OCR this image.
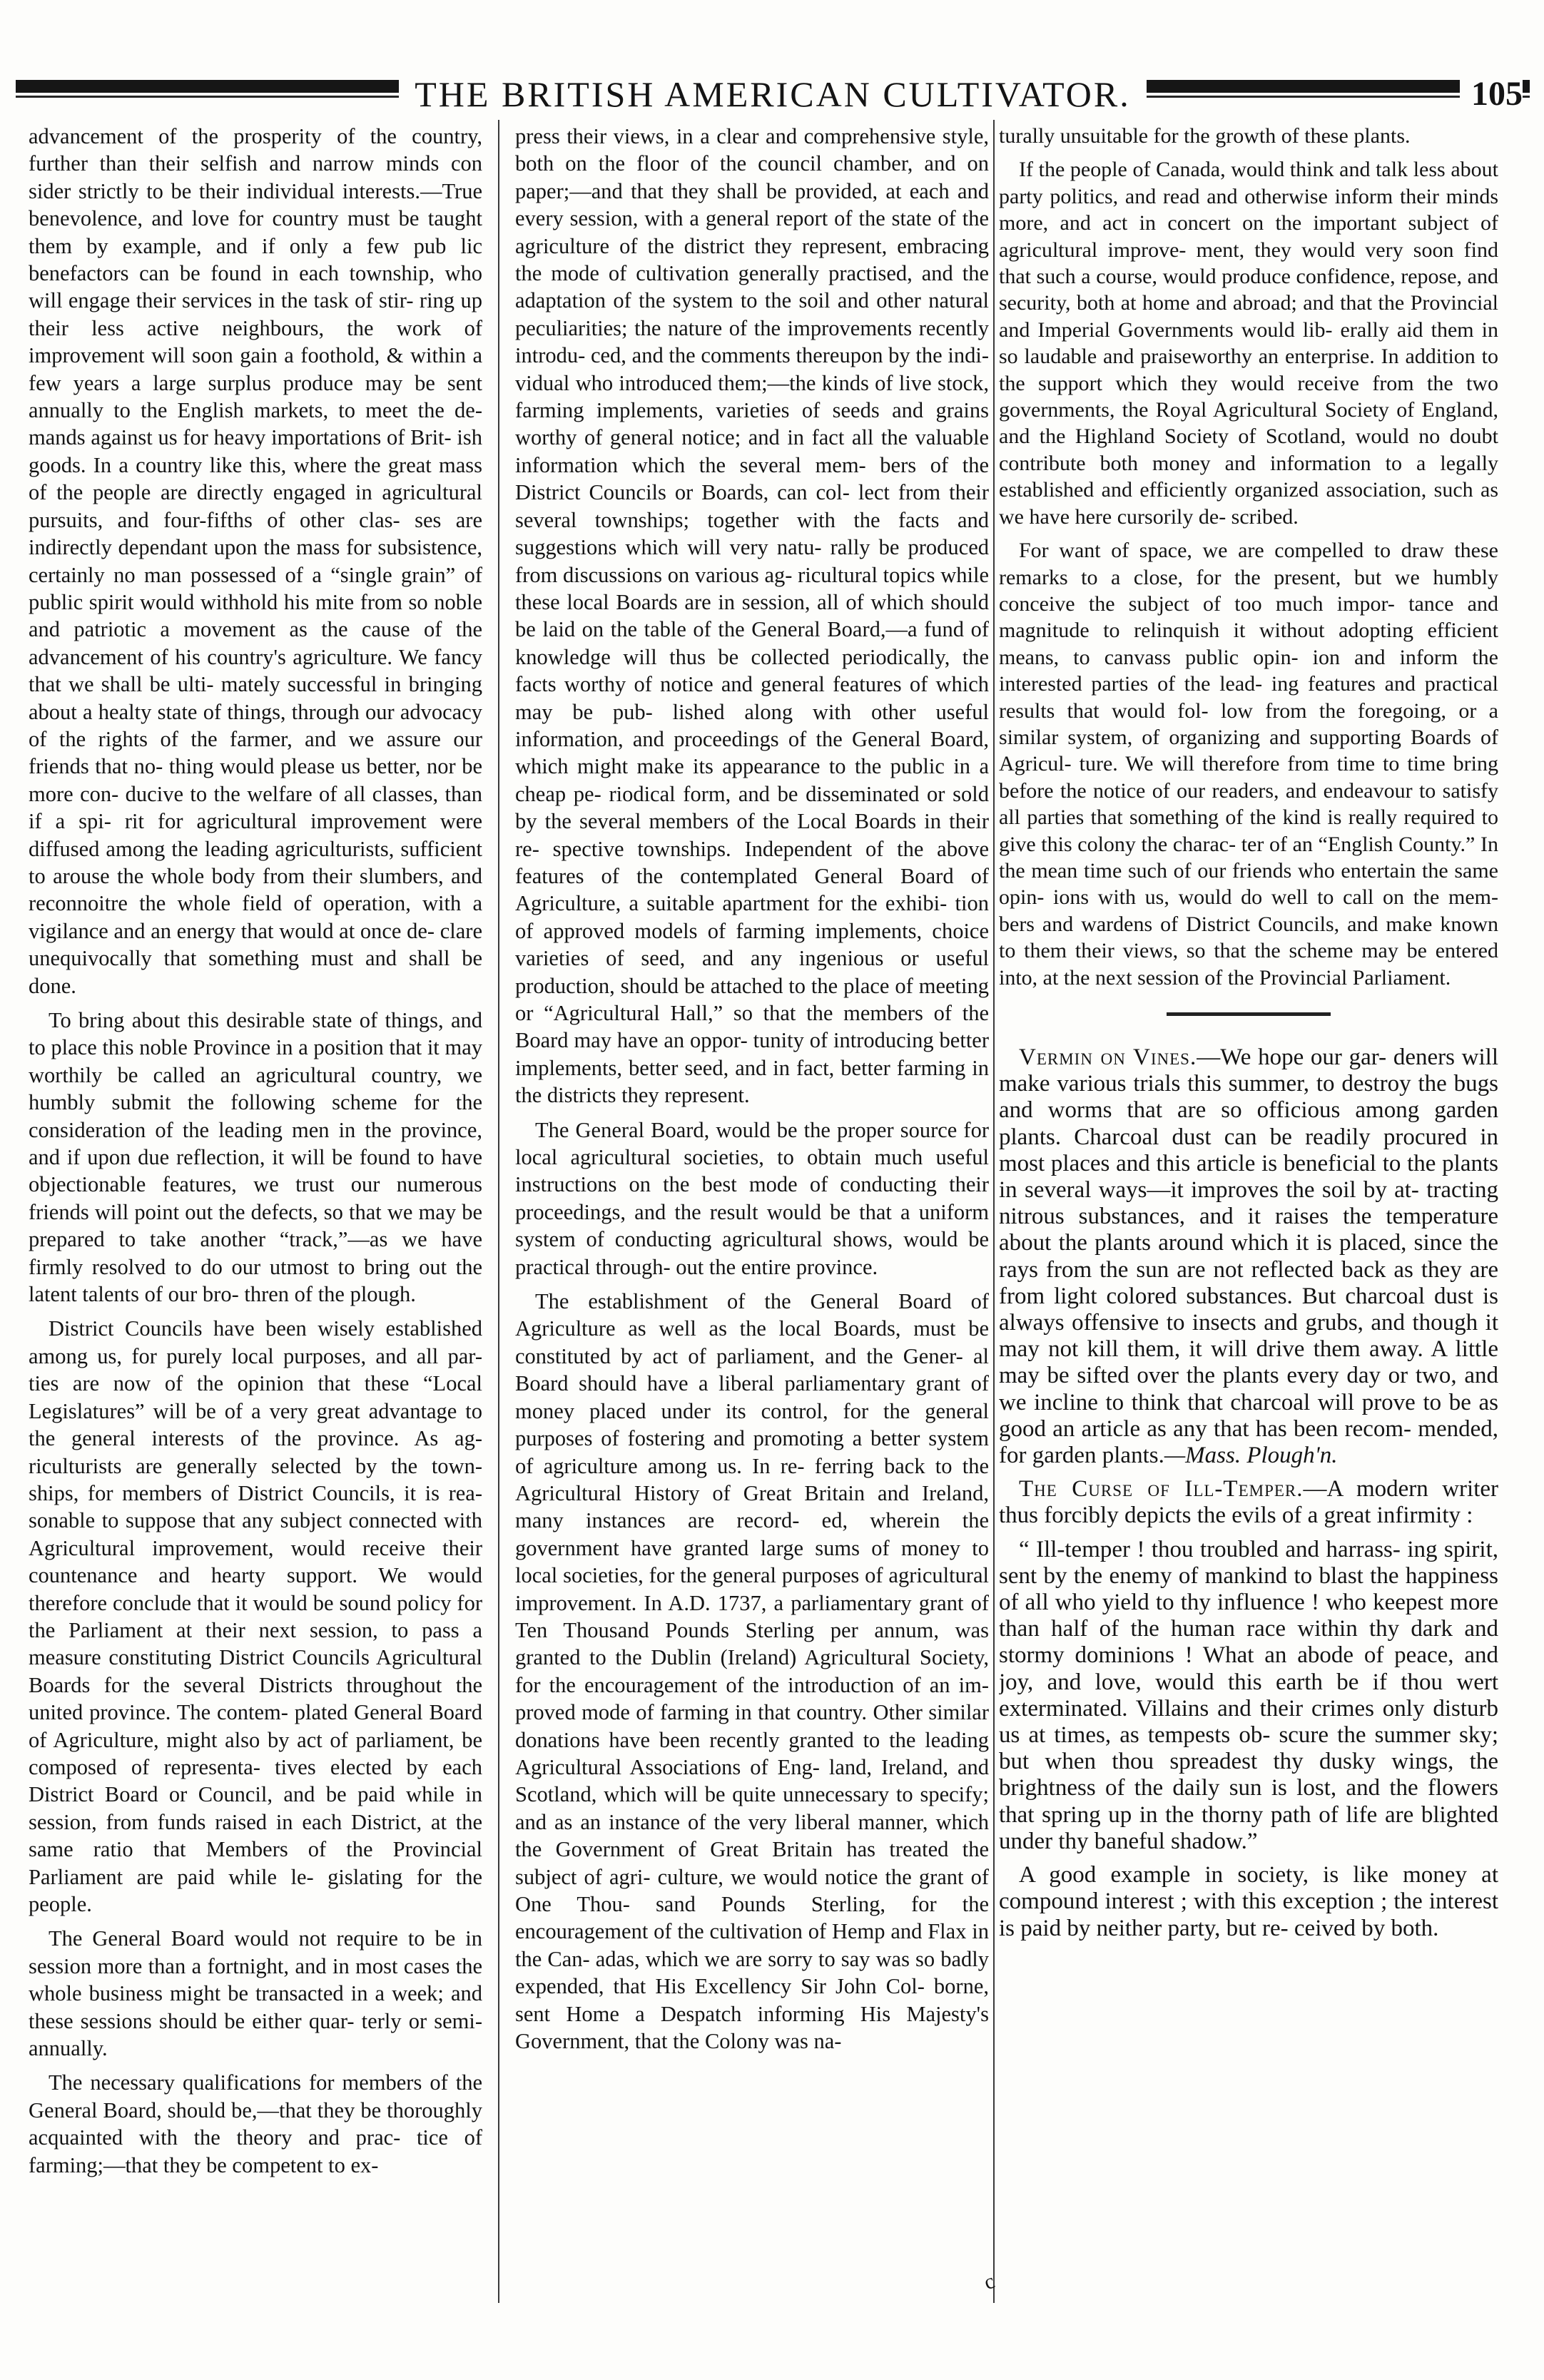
THE BRITISH AMERICAN CULTIVATOR.	105

advancement of the prosperity of the country, further than their selfish and narrow minds con sider strictly to be their individual interests.—True benevolence, and love for country must be taught them by example, and if only a few pub lic benefactors can be found in each township, who will engage their services in the task of stir- ring up their less active neighbours, the work of improvement will soon gain a foothold, & within a few years a large surplus produce may be sent annually to the English markets, to meet the de- mands against us for heavy importations of Brit- ish goods. In a country like this, where the great mass of the people are directly engaged in agricultural pursuits, and four-fifths of other clas- ses are indirectly dependant upon the mass for subsistence, certainly no man possessed of a “single grain” of public spirit would withhold his mite from so noble and patriotic a movement as the cause of the advancement of his country's agriculture. We fancy that we shall be ulti- mately successful in bringing about a healty state of things, through our advocacy of the rights of the farmer, and we assure our friends that no- thing would please us better, nor be more con- ducive to the welfare of all classes, than if a spi- rit for agricultural improvement were diffused among the leading agriculturists, sufficient to arouse the whole body from their slumbers, and reconnoitre the whole field of operation, with a vigilance and an energy that would at once de- clare unequivocally that something must and shall be done.

To bring about this desirable state of things, and to place this noble Province in a position that it may worthily be called an agricultural country, we humbly submit the following scheme for the consideration of the leading men in the province, and if upon due reflection, it will be found to have objectionable features, we trust our numerous friends will point out the defects, so that we may be prepared to take another “track,”—as we have firmly resolved to do our utmost to bring out the latent talents of our bro- thren of the plough.

District Councils have been wisely established among us, for purely local purposes, and all par- ties are now of the opinion that these “Local Legislatures” will be of a very great advantage to the general interests of the province. As ag- riculturists are generally selected by the town- ships, for members of District Councils, it is rea- sonable to suppose that any subject connected with Agricultural improvement, would receive their countenance and hearty support. We would therefore conclude that it would be sound policy for the Parliament at their next session, to pass a measure constituting District Councils Agricultural Boards for the several Districts throughout the united province. The contem- plated General Board of Agriculture, might also by act of parliament, be composed of representa- tives elected by each District Board or Council, and be paid while in session, from funds raised in each District, at the same ratio that Members of the Provincial Parliament are paid while le- gislating for the people.

The General Board would not require to be in session more than a fortnight, and in most cases the whole business might be transacted in a week; and these sessions should be either quar- terly or semi-annually.

The necessary qualifications for members of the General Board, should be,—that they be thoroughly acquainted with the theory and prac- tice of farming;—that they be competent to ex-

press their views, in a clear and comprehensive style, both on the floor of the council chamber, and on paper;—and that they shall be provided, at each and every session, with a general report of the state of the agriculture of the district they represent, embracing the mode of cultivation generally practised, and the adaptation of the system to the soil and other natural peculiarities; the nature of the improvements recently introdu- ced, and the comments thereupon by the indi- vidual who introduced them;—the kinds of live stock, farming implements, varieties of seeds and grains worthy of general notice; and in fact all the valuable information which the several mem- bers of the District Councils or Boards, can col- lect from their several townships; together with the facts and suggestions which will very natu- rally be produced from discussions on various ag- ricultural topics while these local Boards are in session, all of which should be laid on the table of the General Board,—a fund of knowledge will thus be collected periodically, the facts worthy of notice and general features of which may be pub- lished along with other useful information, and proceedings of the General Board, which might make its appearance to the public in a cheap pe- riodical form, and be disseminated or sold by the several members of the Local Boards in their re- spective townships. Independent of the above features of the contemplated General Board of Agriculture, a suitable apartment for the exhibi- tion of approved models of farming implements, choice varieties of seed, and any ingenious or useful production, should be attached to the place of meeting or “Agricultural Hall,” so that the members of the Board may have an oppor- tunity of introducing better implements, better seed, and in fact, better farming in the districts they represent.

The General Board, would be the proper source for local agricultural societies, to obtain much useful instructions on the best mode of conducting their proceedings, and the result would be that a uniform system of conducting agricultural shows, would be practical through- out the entire province.

The establishment of the General Board of Agriculture as well as the local Boards, must be constituted by act of parliament, and the Gener- al Board should have a liberal parliamentary grant of money placed under its control, for the general purposes of fostering and promoting a better system of agriculture among us. In re- ferring back to the Agricultural History of Great Britain and Ireland, many instances are record- ed, wherein the government have granted large sums of money to local societies, for the general purposes of agricultural improvement. In A.D. 1737, a parliamentary grant of Ten Thousand Pounds Sterling per annum, was granted to the Dublin (Ireland) Agricultural Society, for the encouragement of the introduction of an im- proved mode of farming in that country. Other similar donations have been recently granted to the leading Agricultural Associations of Eng- land, Ireland, and Scotland, which will be quite unnecessary to specify; and as an instance of the very liberal manner, which the Government of Great Britain has treated the subject of agri- culture, we would notice the grant of One Thou- sand Pounds Sterling, for the encouragement of the cultivation of Hemp and Flax in the Can- adas, which we are sorry to say was so badly expended, that His Excellency Sir John Col- borne, sent Home a Despatch informing His Majesty's Government, that the Colony was na-

turally unsuitable for the growth of these plants.

If the people of Canada, would think and talk less about party politics, and read and otherwise inform their minds more, and act in concert on the important subject of agricultural improve- ment, they would very soon find that such a course, would produce confidence, repose, and security, both at home and abroad; and that the Provincial and Imperial Governments would lib- erally aid them in so laudable and praiseworthy an enterprise. In addition to the support which they would receive from the two governments, the Royal Agricultural Society of England, and the Highland Society of Scotland, would no doubt contribute both money and information to a legally established and efficiently organized association, such as we have here cursorily de- scribed.

For want of space, we are compelled to draw these remarks to a close, for the present, but we humbly conceive the subject of too much impor- tance and magnitude to relinquish it without adopting efficient means, to canvass public opin- ion and inform the interested parties of the lead- ing features and practical results that would fol- low from the foregoing, or a similar system, of organizing and supporting Boards of Agricul- ture. We will therefore from time to time bring before the notice of our readers, and endeavour to satisfy all parties that something of the kind is really required to give this colony the charac- ter of an “English County.” In the mean time such of our friends who entertain the same opin- ions with us, would do well to call on the mem- bers and wardens of District Councils, and make known to them their views, so that the scheme may be entered into, at the next session of the Provincial Parliament.

Vermin on Vines.—We hope our gar- deners will make various trials this summer, to destroy the bugs and worms that are so officious among garden plants. Charcoal dust can be readily procured in most places and this article is beneficial to the plants in several ways—it improves the soil by at- tracting nitrous substances, and it raises the temperature about the plants around which it is placed, since the rays from the sun are not reflected back as they are from light colored substances. But charcoal dust is always offensive to insects and grubs, and though it may not kill them, it will drive them away. A little may be sifted over the plants every day or two, and we incline to think that charcoal will prove to be as good an article as any that has been recom- mended, for garden plants.—Mass. Plough'n.

The Curse of Ill-Temper.—A modern writer thus forcibly depicts the evils of a great infirmity :

“ Ill-temper ! thou troubled and harrass- ing spirit, sent by the enemy of mankind to blast the happiness of all who yield to thy influence ! who keepest more than half of the human race within thy dark and stormy dominions ! What an abode of peace, and joy, and love, would this earth be if thou wert exterminated. Villains and their crimes only disturb us at times, as tempests ob- scure the summer sky; but when thou spreadest thy dusky wings, the brightness of the daily sun is lost, and the flowers that spring up in the thorny path of life are blighted under thy baneful shadow.”

A good example in society, is like money at compound interest ; with this exception ; the interest is paid by neither party, but re- ceived by both.

c
